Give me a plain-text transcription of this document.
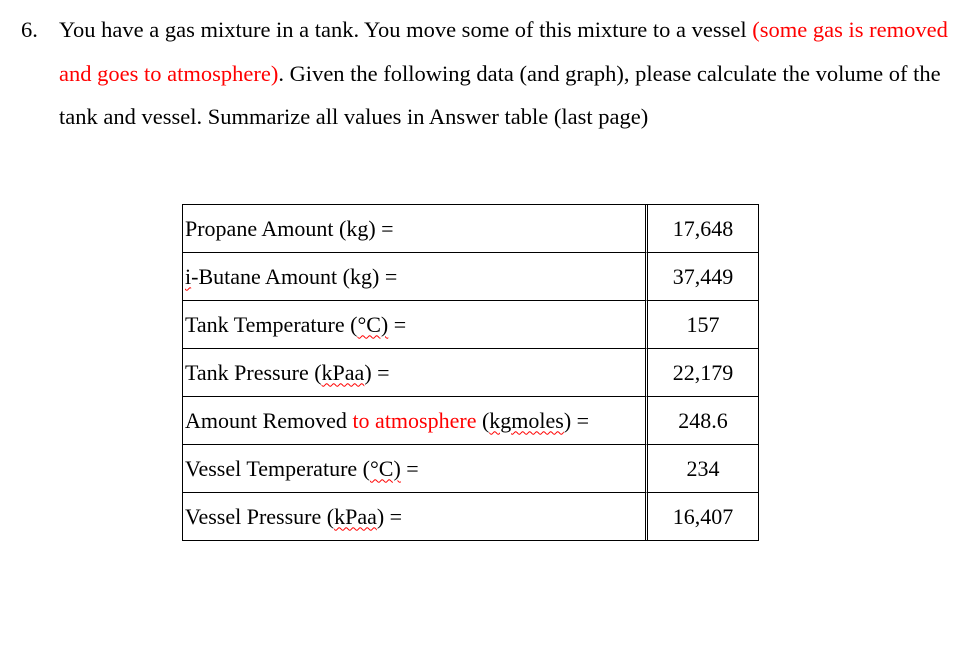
6. You have a gas mixture in a tank. You move some of this mixture to a vessel (some gas is removed and goes to atmosphere). Given the following data (and graph), please calculate the volume of the tank and vessel. Summarize all values in Answer table (last page)
Propane Amount (kg) =	17,648
i-Butane Amount (kg) =	37,449
Tank Temperature (°C) =	157
Tank Pressure (kPaa) =	22,179
Amount Removed to atmosphere (kgmoles) =	248.6
Vessel Temperature (°C) =	234
Vessel Pressure (kPaa) =	16,407
